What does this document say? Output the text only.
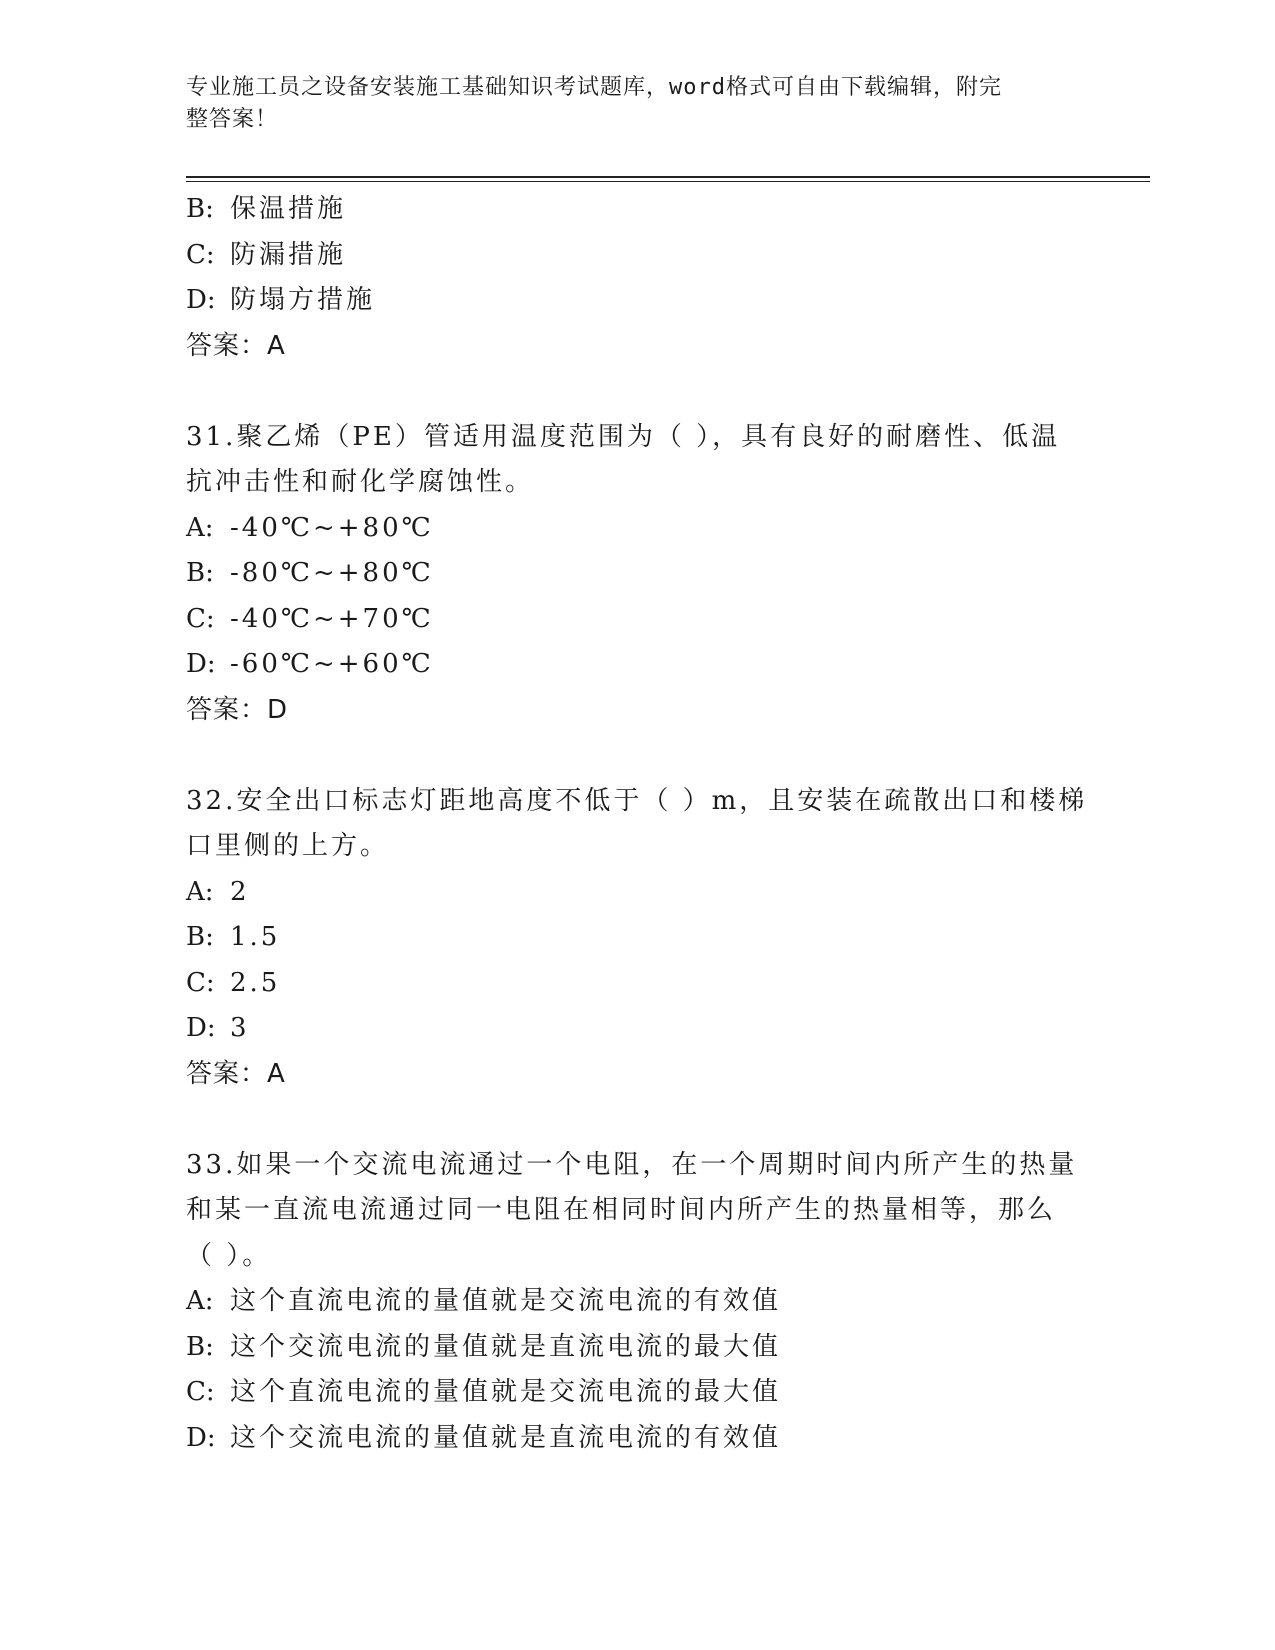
专业施工员之设备安装施工基础知识考试题库，word格式可自由下载编辑，附完
整答案！
B: 保温措施
C: 防漏措施
D: 防塌方措施
答案：A
31.聚乙烯（PE）管适用温度范围为（ ），具有良好的耐磨性、低温
抗冲击性和耐化学腐蚀性。
A: -40℃~+80℃
B: -80℃~+80℃
C: -40℃~+70℃
D: -60℃~+60℃
答案：D
32.安全出口标志灯距地高度不低于（ ）m，且安装在疏散出口和楼梯
口里侧的上方。
A: 2
B: 1.5
C: 2.5
D: 3
答案：A
33.如果一个交流电流通过一个电阻，在一个周期时间内所产生的热量
和某一直流电流通过同一电阻在相同时间内所产生的热量相等，那么
（ ）。
A: 这个直流电流的量值就是交流电流的有效值
B: 这个交流电流的量值就是直流电流的最大值
C: 这个直流电流的量值就是交流电流的最大值
D: 这个交流电流的量值就是直流电流的有效值
